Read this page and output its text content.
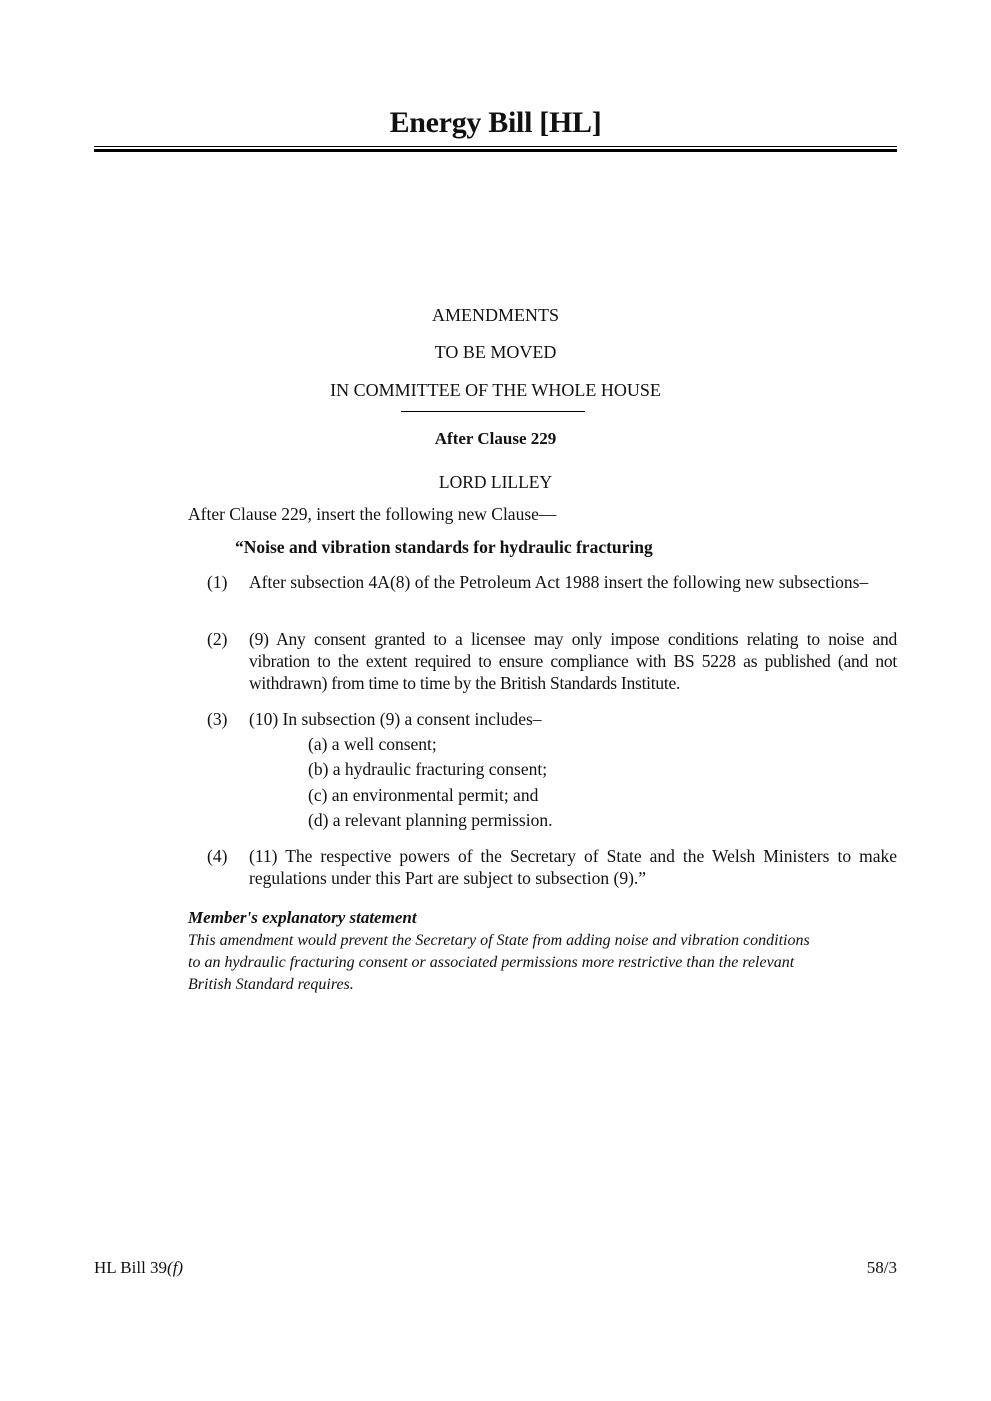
Energy Bill [HL]
AMENDMENTS
TO BE MOVED
IN COMMITTEE OF THE WHOLE HOUSE
After Clause 229
LORD LILLEY
After Clause 229, insert the following new Clause—
“Noise and vibration standards for hydraulic fracturing
(1) After subsection 4A(8) of the Petroleum Act 1988 insert the following new subsections–
(2) (9) Any consent granted to a licensee may only impose conditions relating to noise and vibration to the extent required to ensure compliance with BS 5228 as published (and not withdrawn) from time to time by the British Standards Institute.
(3) (10) In subsection (9) a consent includes–
(a) a well consent;
(b) a hydraulic fracturing consent;
(c) an environmental permit; and
(d) a relevant planning permission.
(4) (11) The respective powers of the Secretary of State and the Welsh Ministers to make regulations under this Part are subject to subsection (9).”
Member's explanatory statement
This amendment would prevent the Secretary of State from adding noise and vibration conditions
to an hydraulic fracturing consent or associated permissions more restrictive than the relevant
British Standard requires.
HL Bill 39(f)	58/3
